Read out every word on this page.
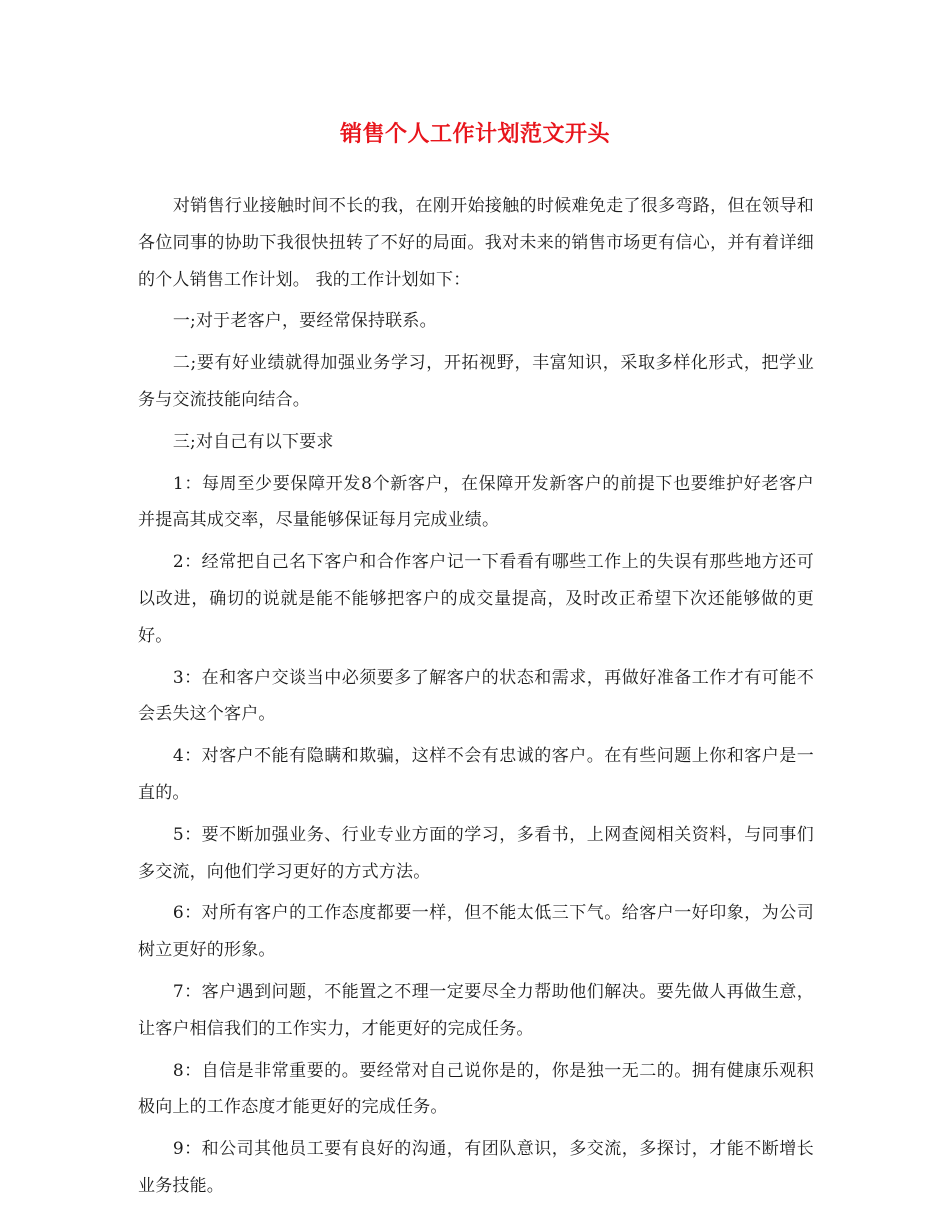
销售个人工作计划范文开头

对销售行业接触时间不长的我，在刚开始接触的时候难免走了很多弯路，但在领导和各位同事的协助下我很快扭转了不好的局面。我对未来的销售市场更有信心，并有着详细的个人销售工作计划。 我的工作计划如下：

一;对于老客户，要经常保持联系。

二;要有好业绩就得加强业务学习，开拓视野，丰富知识，采取多样化形式，把学业务与交流技能向结合。

三;对自己有以下要求

1：每周至少要保障开发8个新客户，在保障开发新客户的前提下也要维护好老客户并提高其成交率，尽量能够保证每月完成业绩。

2：经常把自己名下客户和合作客户记一下看看有哪些工作上的失误有那些地方还可以改进，确切的说就是能不能够把客户的成交量提高，及时改正希望下次还能够做的更好。

3：在和客户交谈当中必须要多了解客户的状态和需求，再做好准备工作才有可能不会丢失这个客户。

4：对客户不能有隐瞒和欺骗，这样不会有忠诚的客户。在有些问题上你和客户是一直的。

5：要不断加强业务、行业专业方面的学习，多看书，上网查阅相关资料，与同事们多交流，向他们学习更好的方式方法。

6：对所有客户的工作态度都要一样，但不能太低三下气。给客户一好印象，为公司树立更好的形象。

7：客户遇到问题，不能置之不理一定要尽全力帮助他们解决。要先做人再做生意，让客户相信我们的工作实力，才能更好的完成任务。

8：自信是非常重要的。要经常对自己说你是的，你是独一无二的。拥有健康乐观积极向上的工作态度才能更好的完成任务。

9：和公司其他员工要有良好的沟通，有团队意识，多交流，多探讨，才能不断增长业务技能。
